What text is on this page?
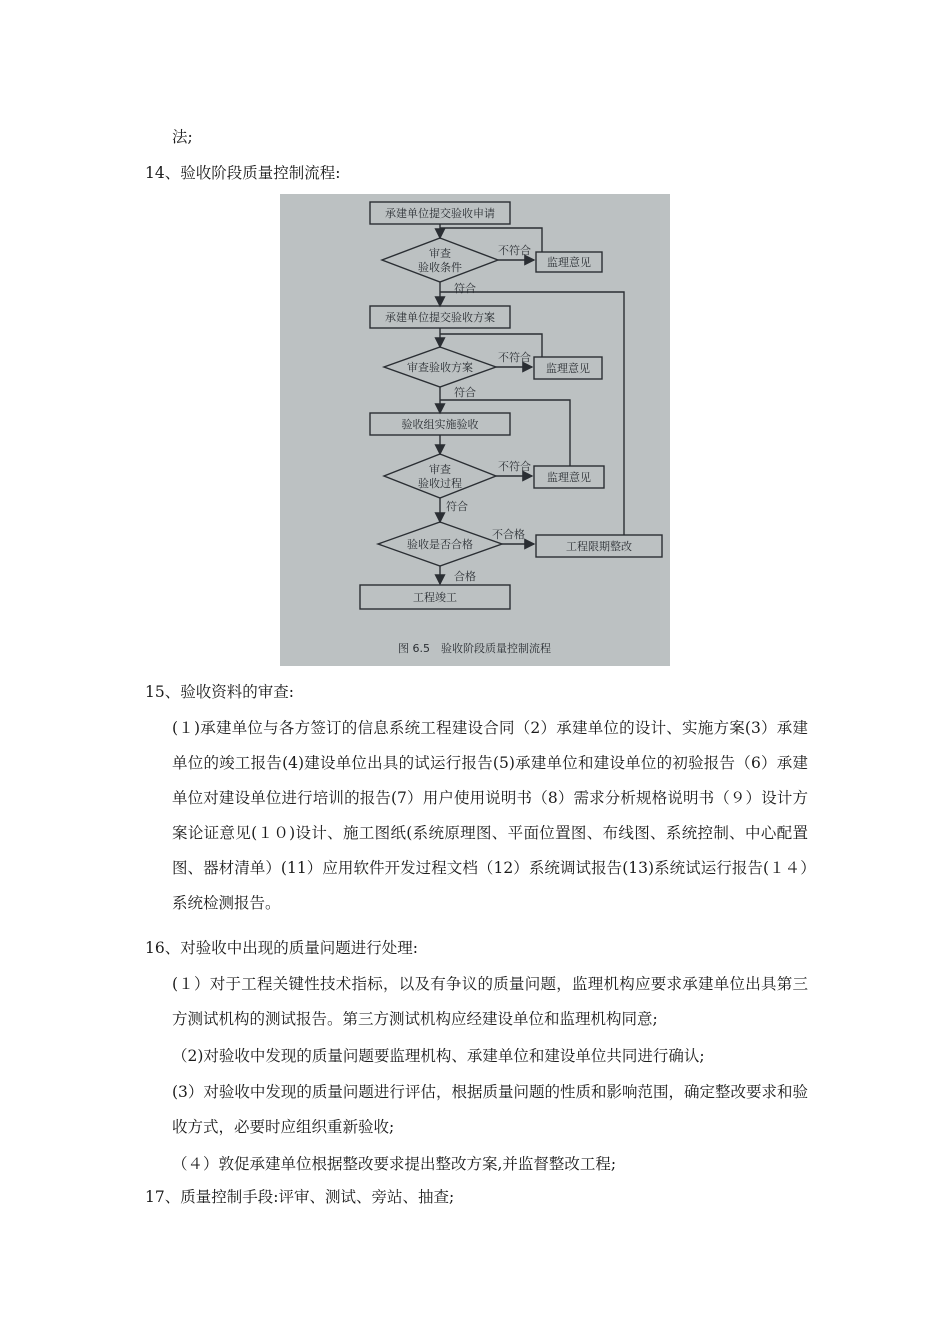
法;
14、验收阶段质量控制流程:
承建单位提交验收申请
审查
验收条件
不符合
监理意见
符合
承建单位提交验收方案
审查验收方案
不符合
监理意见
符合
验收组实施验收
审查
验收过程
不符合
监理意见
符合
验收是否合格
不合格
工程限期整改
合格
工程竣工
图 6.5　验收阶段质量控制流程
15、验收资料的审查:
(１)承建单位与各方签订的信息系统工程建设合同（2）承建单位的设计、实施方案(3）承建单位的竣工报告(4)建设单位出具的试运行报告(5)承建单位和建设单位的初验报告（6）承建单位对建设单位进行培训的报告(7）用户使用说明书（8）需求分析规格说明书（９）设计方案论证意见(１０)设计、施工图纸(系统原理图、平面位置图、布线图、系统控制、中心配置图、器材清单）(11）应用软件开发过程文档（12）系统调试报告(13)系统试运行报告(１４）系统检测报告。
16、对验收中出现的质量问题进行处理:
(１）对于工程关键性技术指标，以及有争议的质量问题，监理机构应要求承建单位出具第三方测试机构的测试报告。第三方测试机构应经建设单位和监理机构同意;
（2)对验收中发现的质量问题要监理机构、承建单位和建设单位共同进行确认;
(3）对验收中发现的质量问题进行评估，根据质量问题的性质和影响范围，确定整改要求和验收方式，必要时应组织重新验收;
（４）敦促承建单位根据整改要求提出整改方案,并监督整改工程;
17、质量控制手段:评审、测试、旁站、抽查;
